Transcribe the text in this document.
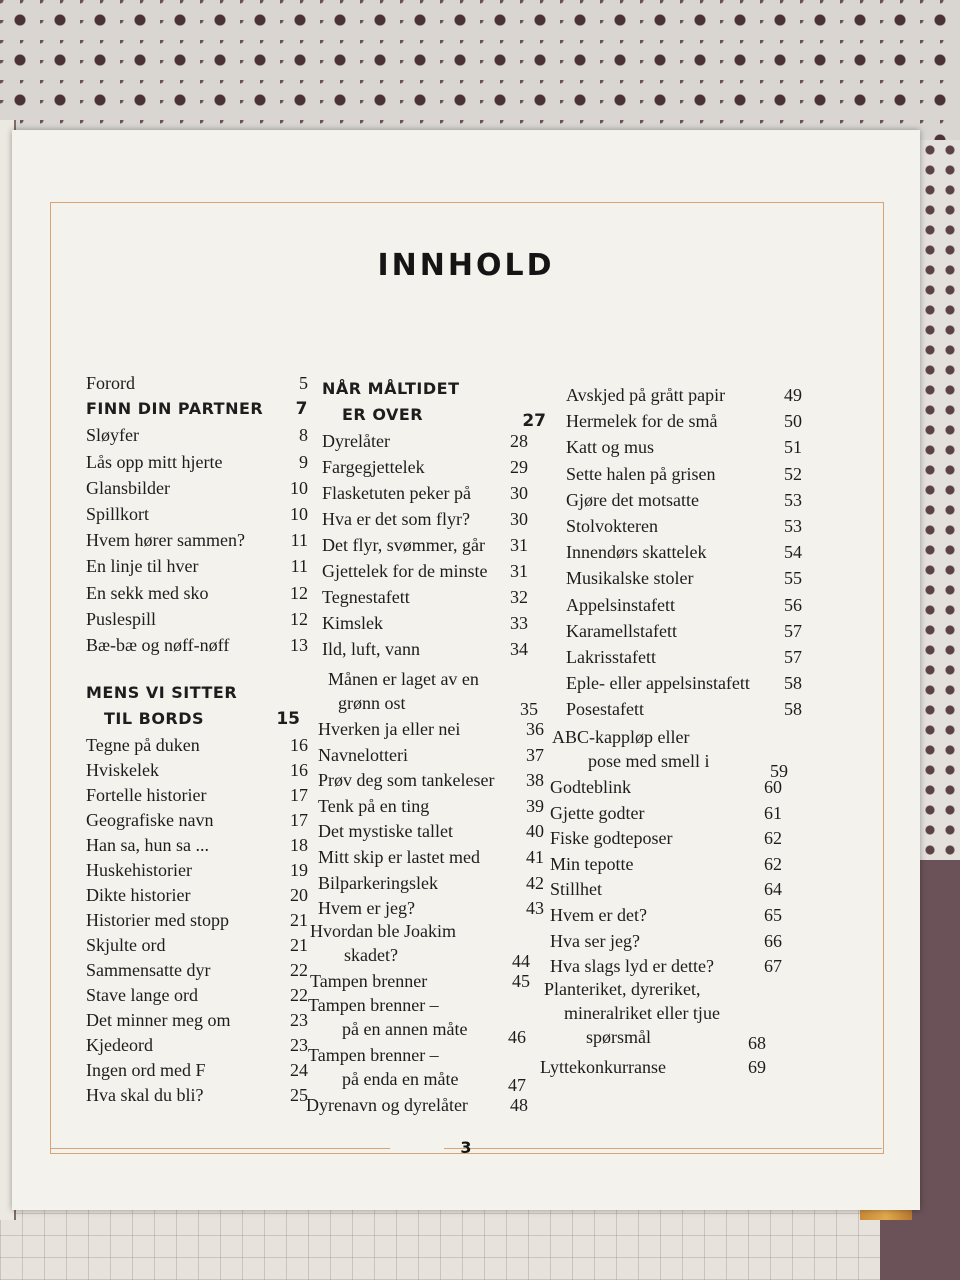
INNHOLD
Forord	5
FINN DIN PARTNER	7
Sløyfer	8
Lås opp mitt hjerte	9
Glansbilder	10
Spillkort	10
Hvem hører sammen?	11
En linje til hver	11
En sekk med sko	12
Puslespill	12
Bæ-bæ og nøff-nøff	13
MENS VI SITTER
TIL BORDS	15
Tegne på duken	16
Hviskelek	16
Fortelle historier	17
Geografiske navn	17
Han sa, hun sa ...	18
Huskehistorier	19
Dikte historier	20
Historier med stopp	21
Skjulte ord	21
Sammensatte dyr	22
Stave lange ord	22
Det minner meg om	23
Kjedeord	23
Ingen ord med F	24
Hva skal du bli?	25
NÅR MÅLTIDET
ER OVER	27
Dyrelåter	28
Fargegjettelek	29
Flasketuten peker på	30
Hva er det som flyr?	30
Det flyr, svømmer, går	31
Gjettelek for de minste	31
Tegnestafett	32
Kimslek	33
Ild, luft, vann	34
Månen er laget av en
grønn ost	35
Hverken ja eller nei	36
Navnelotteri	37
Prøv deg som tankeleser	38
Tenk på en ting	39
Det mystiske tallet	40
Mitt skip er lastet med	41
Bilparkeringslek	42
Hvem er jeg?	43
Hvordan ble Joakim
skadet?	44
Tampen brenner	45
Tampen brenner –
på en annen måte	46
Tampen brenner –
på enda en måte	47
Dyrenavn og dyrelåter	48
Avskjed på grått papir	49
Hermelek for de små	50
Katt og mus	51
Sette halen på grisen	52
Gjøre det motsatte	53
Stolvokteren	53
Innendørs skattelek	54
Musikalske stoler	55
Appelsinstafett	56
Karamellstafett	57
Lakrisstafett	57
Eple- eller appelsinstafett	58
Posestafett	58
ABC-kappløp eller
pose med smell i	59
Godteblink	60
Gjette godter	61
Fiske godteposer	62
Min tepotte	62
Stillhet	64
Hvem er det?	65
Hva ser jeg?	66
Hva slags lyd er dette?	67
Planteriket, dyreriket,
mineralriket eller tjue
spørsmål	68
Lyttekonkurranse	69
3
